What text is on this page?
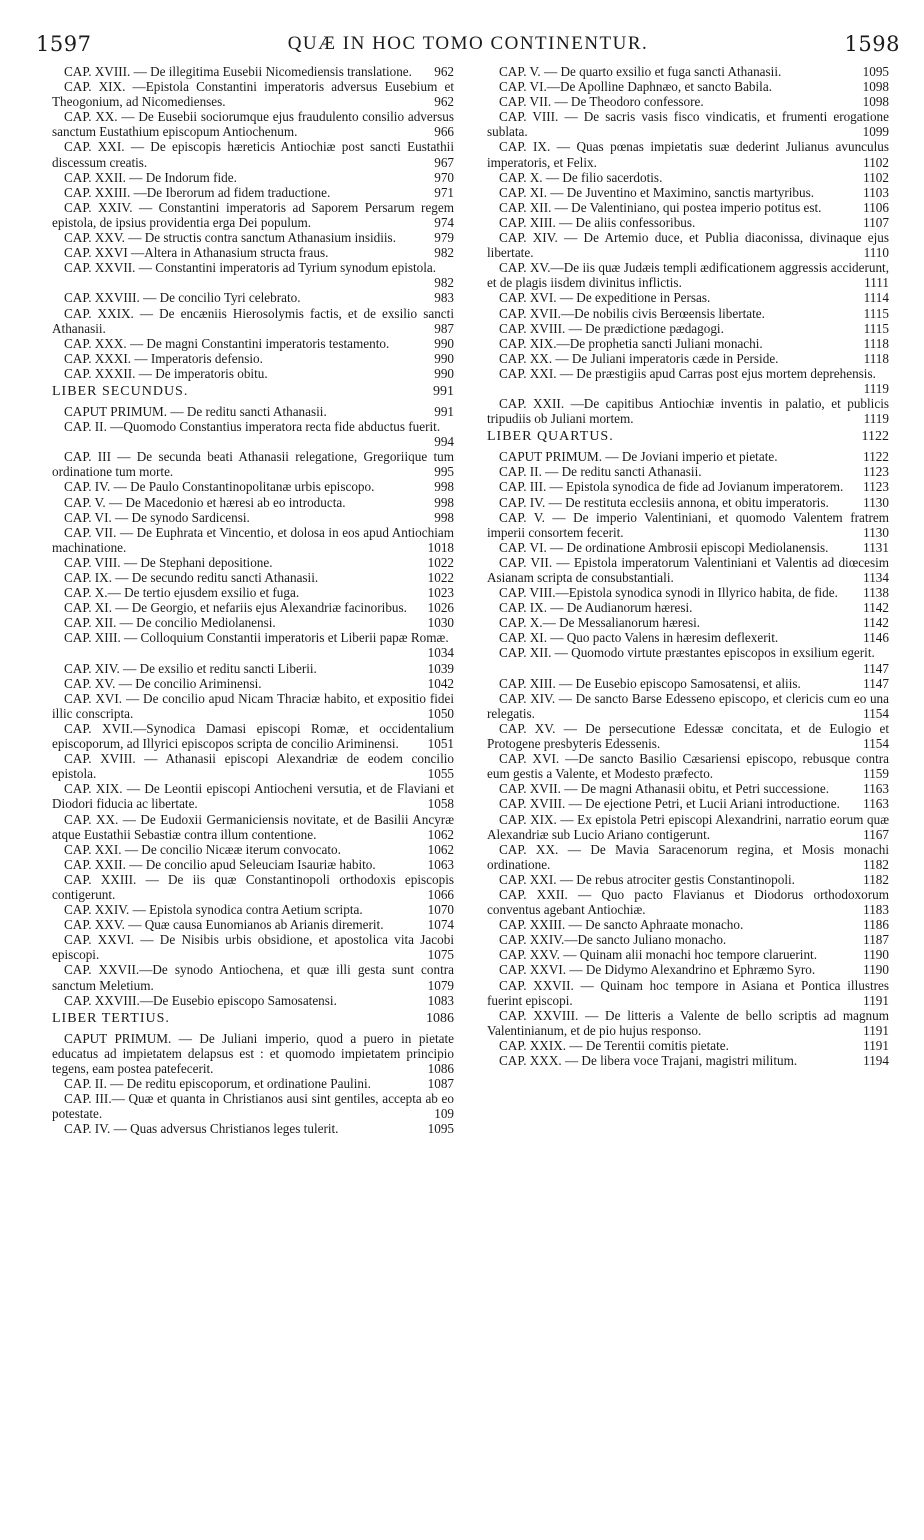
1597	QUÆ IN HOC TOMO CONTINENTUR.	1598
CAP. XVIII. — De illegitima Eusebii Nicomediensis translatione.	962
CAP. XIX. —Epistola Constantini imperatoris adversus Eusebium et Theogonium, ad Nicomedienses.	962
CAP. XX. — De Eusebii sociorumque ejus fraudulento consilio adversus sanctum Eustathium episcopum Antiochenum.	966
CAP. XXI. — De episcopis hæreticis Antiochiæ post sancti Eustathii discessum creatis.	967
CAP. XXII. — De Indorum fide.	970
CAP. XXIII. —De Iberorum ad fidem traductione.	971
CAP. XXIV. — Constantini imperatoris ad Saporem Persarum regem epistola, de ipsius providentia erga Dei populum.	974
CAP. XXV. — De structis contra sanctum Athanasium insidiis.	979
CAP. XXVI —Altera in Athanasium structa fraus.	982
CAP. XXVII. — Constantini imperatoris ad Tyrium synodum epistola.
982
CAP. XXVIII. — De concilio Tyri celebrato.	983
CAP. XXIX. — De encæniis Hierosolymis factis, et de exsilio sancti Athanasii.	987
CAP. XXX. — De magni Constantini imperatoris testamento.	990
CAP. XXXI. — Imperatoris defensio.	990
CAP. XXXII. — De imperatoris obitu.	990
LIBER SECUNDUS.	991
CAPUT PRIMUM. — De reditu sancti Athanasii.	991
CAP. II. —Quomodo Constantius imperatora recta fide abductus fuerit.
994
CAP. III — De secunda beati Athanasii relegatione, Gregoriique tum ordinatione tum morte.	995
CAP. IV. — De Paulo Constantinopolitanæ urbis episcopo.	998
CAP. V. — De Macedonio et hæresi ab eo introducta.	998
CAP. VI. — De synodo Sardicensi.	998
CAP. VII. — De Euphrata et Vincentio, et dolosa in eos apud Antiochiam machinatione.	1018
CAP. VIII. — De Stephani depositione.	1022
CAP. IX. — De secundo reditu sancti Athanasii.	1022
CAP. X.— De tertio ejusdem exsilio et fuga.	1023
CAP. XI. — De Georgio, et nefariis ejus Alexandriæ facinoribus.	1026
CAP. XII. — De concilio Mediolanensi.	1030
CAP. XIII. — Colloquium Constantii imperatoris et Liberii papæ Romæ.
1034
CAP. XIV. — De exsilio et reditu sancti Liberii.	1039
CAP. XV. — De concilio Ariminensi.	1042
CAP. XVI. — De concilio apud Nicam Thraciæ habito, et expositio fidei illic conscripta.	1050
CAP. XVII.—Synodica Damasi episcopi Romæ, et occidentalium episcoporum, ad Illyrici episcopos scripta de concilio Ariminensi.	1051
CAP. XVIII. — Athanasii episcopi Alexandriæ de eodem concilio epistola.	1055
CAP. XIX. — De Leontii episcopi Antiocheni versutia, et de Flaviani et Diodori fiducia ac libertate.	1058
CAP. XX. — De Eudoxii Germaniciensis novitate, et de Basilii Ancyræ atque Eustathii Sebastiæ contra illum contentione.	1062
CAP. XXI. — De concilio Nicææ iterum convocato.	1062
CAP. XXII. — De concilio apud Seleuciam Isauriæ habito.	1063
CAP. XXIII. — De iis quæ Constantinopoli orthodoxis episcopis contigerunt.	1066
CAP. XXIV. — Epistola synodica contra Aetium scripta.	1070
CAP. XXV. — Quæ causa Eunomianos ab Arianis diremerit.	1074
CAP. XXVI. — De Nisibis urbis obsidione, et apostolica vita Jacobi episcopi.	1075
CAP. XXVII.—De synodo Antiochena, et quæ illi gesta sunt contra sanctum Meletium.	1079
CAP. XXVIII.—De Eusebio episcopo Samosatensi.	1083
LIBER TERTIUS.	1086
CAPUT PRIMUM. — De Juliani imperio, quod a puero in pietate educatus ad impietatem delapsus est : et quomodo impietatem principio tegens, eam postea patefecerit.	1086
CAP. II. — De reditu episcoporum, et ordinatione Paulini.	1087
CAP. III.— Quæ et quanta in Christianos ausi sint gentiles, accepta ab eo potestate.	109
CAP. IV. — Quas adversus Christianos leges tulerit.	1095
CAP. V. — De quarto exsilio et fuga sancti Athanasii.	1095
CAP. VI.—De Apolline Daphnæo, et sancto Babila.	1098
CAP. VII. — De Theodoro confessore.	1098
CAP. VIII. — De sacris vasis fisco vindicatis, et frumenti erogatione sublata.	1099
CAP. IX. — Quas pœnas impietatis suæ dederint Julianus avunculus imperatoris, et Felix.	1102
CAP. X. — De filio sacerdotis.	1102
CAP. XI. — De Juventino et Maximino, sanctis martyribus.	1103
CAP. XII. — De Valentiniano, qui postea imperio potitus est.	1106
CAP. XIII. — De aliis confessoribus.	1107
CAP. XIV. — De Artemio duce, et Publia diaconissa, divinaque ejus libertate.	1110
CAP. XV.—De iis quæ Judæis templi ædificationem aggressis acciderunt, et de plagis iisdem divinitus inflictis.	1111
CAP. XVI. — De expeditione in Persas.	1114
CAP. XVII.—De nobilis civis Berœensis libertate.	1115
CAP. XVIII. — De prædictione pædagogi.	1115
CAP. XIX.—De prophetia sancti Juliani monachi.	1118
CAP. XX. — De Juliani imperatoris cæde in Perside.	1118
CAP. XXI. — De præstigiis apud Carras post ejus mortem deprehensis.
1119
CAP. XXII. —De capitibus Antiochiæ inventis in palatio, et publicis tripudiis ob Juliani mortem.	1119
LIBER QUARTUS.	1122
CAPUT PRIMUM. — De Joviani imperio et pietate.	1122
CAP. II. — De reditu sancti Athanasii.	1123
CAP. III. — Epistola synodica de fide ad Jovianum imperatorem.	1123
CAP. IV. — De restituta ecclesiis annona, et obitu imperatoris.	1130
CAP. V. — De imperio Valentiniani, et quomodo Valentem fratrem imperii consortem fecerit.	1130
CAP. VI. — De ordinatione Ambrosii episcopi Mediolanensis.	1131
CAP. VII. — Epistola imperatorum Valentiniani et Valentis ad diœcesim Asianam scripta de consubstantiali.	1134
CAP. VIII.—Epistola synodica synodi in Illyrico habita, de fide.	1138
CAP. IX. — De Audianorum hæresi.	1142
CAP. X.— De Messalianorum hæresi.	1142
CAP. XI. — Quo pacto Valens in hæresim deflexerit.	1146
CAP. XII. — Quomodo virtute præstantes episcopos in exsilium egerit.
1147
CAP. XIII. — De Eusebio episcopo Samosatensi, et aliis.	1147
CAP. XIV. — De sancto Barse Edesseno episcopo, et clericis cum eo una relegatis.	1154
CAP. XV. — De persecutione Edessæ concitata, et de Eulogio et Protogene presbyteris Edessenis.	1154
CAP. XVI. —De sancto Basilio Cæsariensi episcopo, rebusque contra eum gestis a Valente, et Modesto præfecto.	1159
CAP. XVII. — De magni Athanasii obitu, et Petri successione.	1163
CAP. XVIII. — De ejectione Petri, et Lucii Ariani introductione.	1163
CAP. XIX. — Ex epistola Petri episcopi Alexandrini, narratio eorum quæ Alexandriæ sub Lucio Ariano contigerunt.	1167
CAP. XX. — De Mavia Saracenorum regina, et Mosis monachi ordinatione.	1182
CAP. XXI. — De rebus atrociter gestis Constantinopoli.	1182
CAP. XXII. — Quo pacto Flavianus et Diodorus orthodoxorum conventus agebant Antiochiæ.	1183
CAP. XXIII. — De sancto Aphraate monacho.	1186
CAP. XXIV.—De sancto Juliano monacho.	1187
CAP. XXV. — Quinam alii monachi hoc tempore claruerint.	1190
CAP. XXVI. — De Didymo Alexandrino et Ephræmo Syro.	1190
CAP. XXVII. — Quinam hoc tempore in Asiana et Pontica illustres fuerint episcopi.	1191
CAP. XXVIII. — De litteris a Valente de bello scriptis ad magnum Valentinianum, et de pio hujus responso.	1191
CAP. XXIX. — De Terentii comitis pietate.	1191
CAP. XXX. — De libera voce Trajani, magistri militum.	1194
